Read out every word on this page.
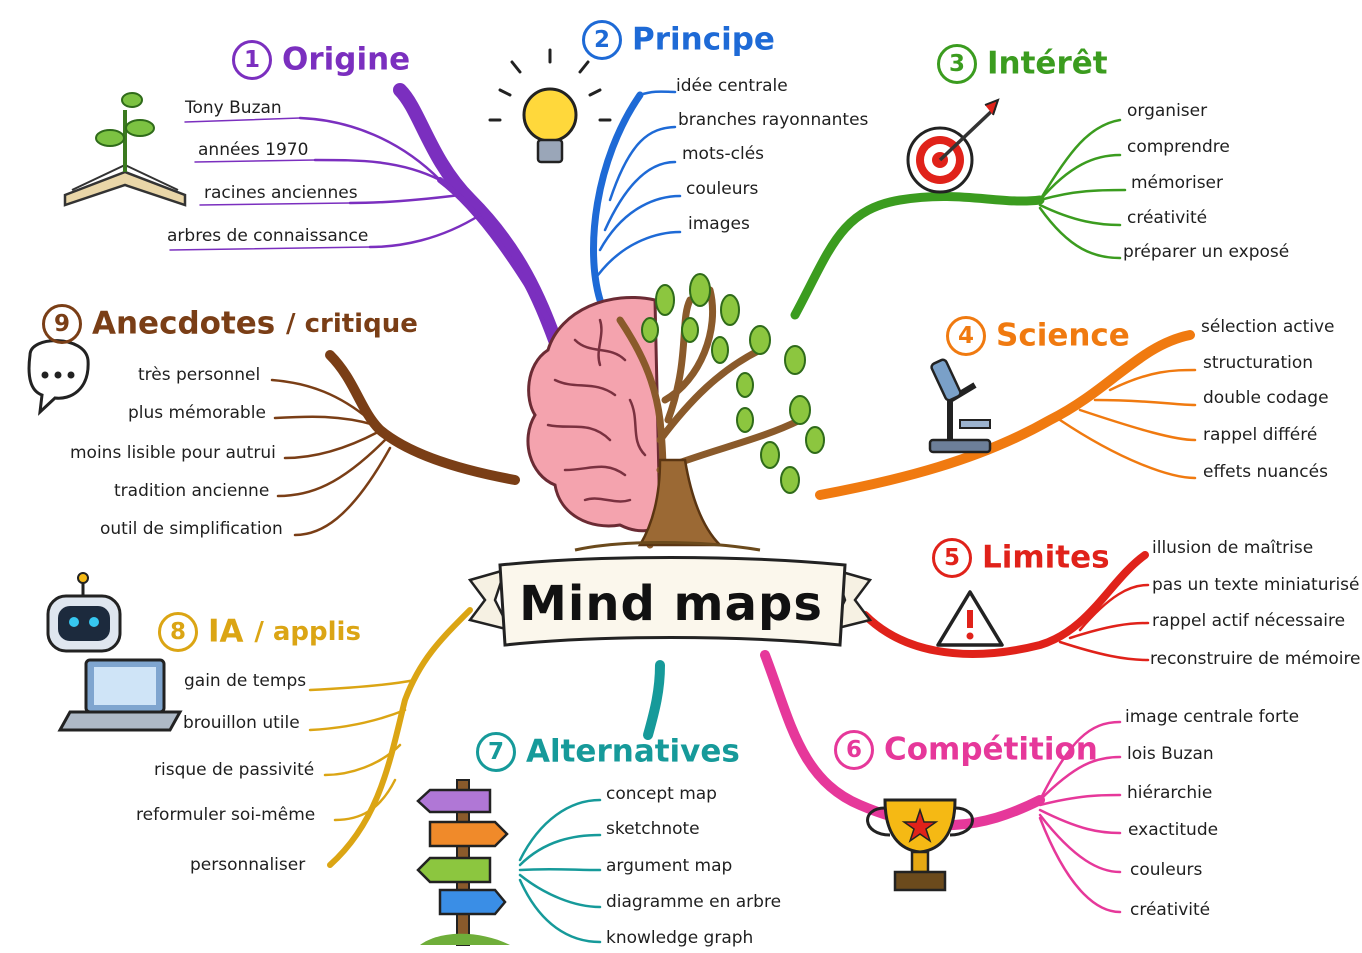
Mind maps
1 Origine
Tony Buzan
années 1970
racines anciennes
arbres de connaissance
2 Principe
idée centrale
branches rayonnantes
mots-clés
couleurs
images
3 Intérêt
organiser
comprendre
mémoriser
créativité
préparer un exposé
4 Science	sélection active
structuration
double codage
rappel différé
effets nuancés
5 Limites illusion de maîtrise
pas un texte miniaturisé
rappel actif nécessaire
reconstruire de mémoire
6 Compétition
image centrale forte
lois Buzan
hiérarchie
exactitude
couleurs
créativité
7 Alternatives
concept map
sketchnote
argument map
diagramme en arbre
knowledge graph
8 IA / applis
gain de temps
brouillon utile
risque de passivité
reformuler soi-même
personnaliser
9 Anecdotes / critique
très personnel
plus mémorable
moins lisible pour autrui
tradition ancienne
outil de simplification
